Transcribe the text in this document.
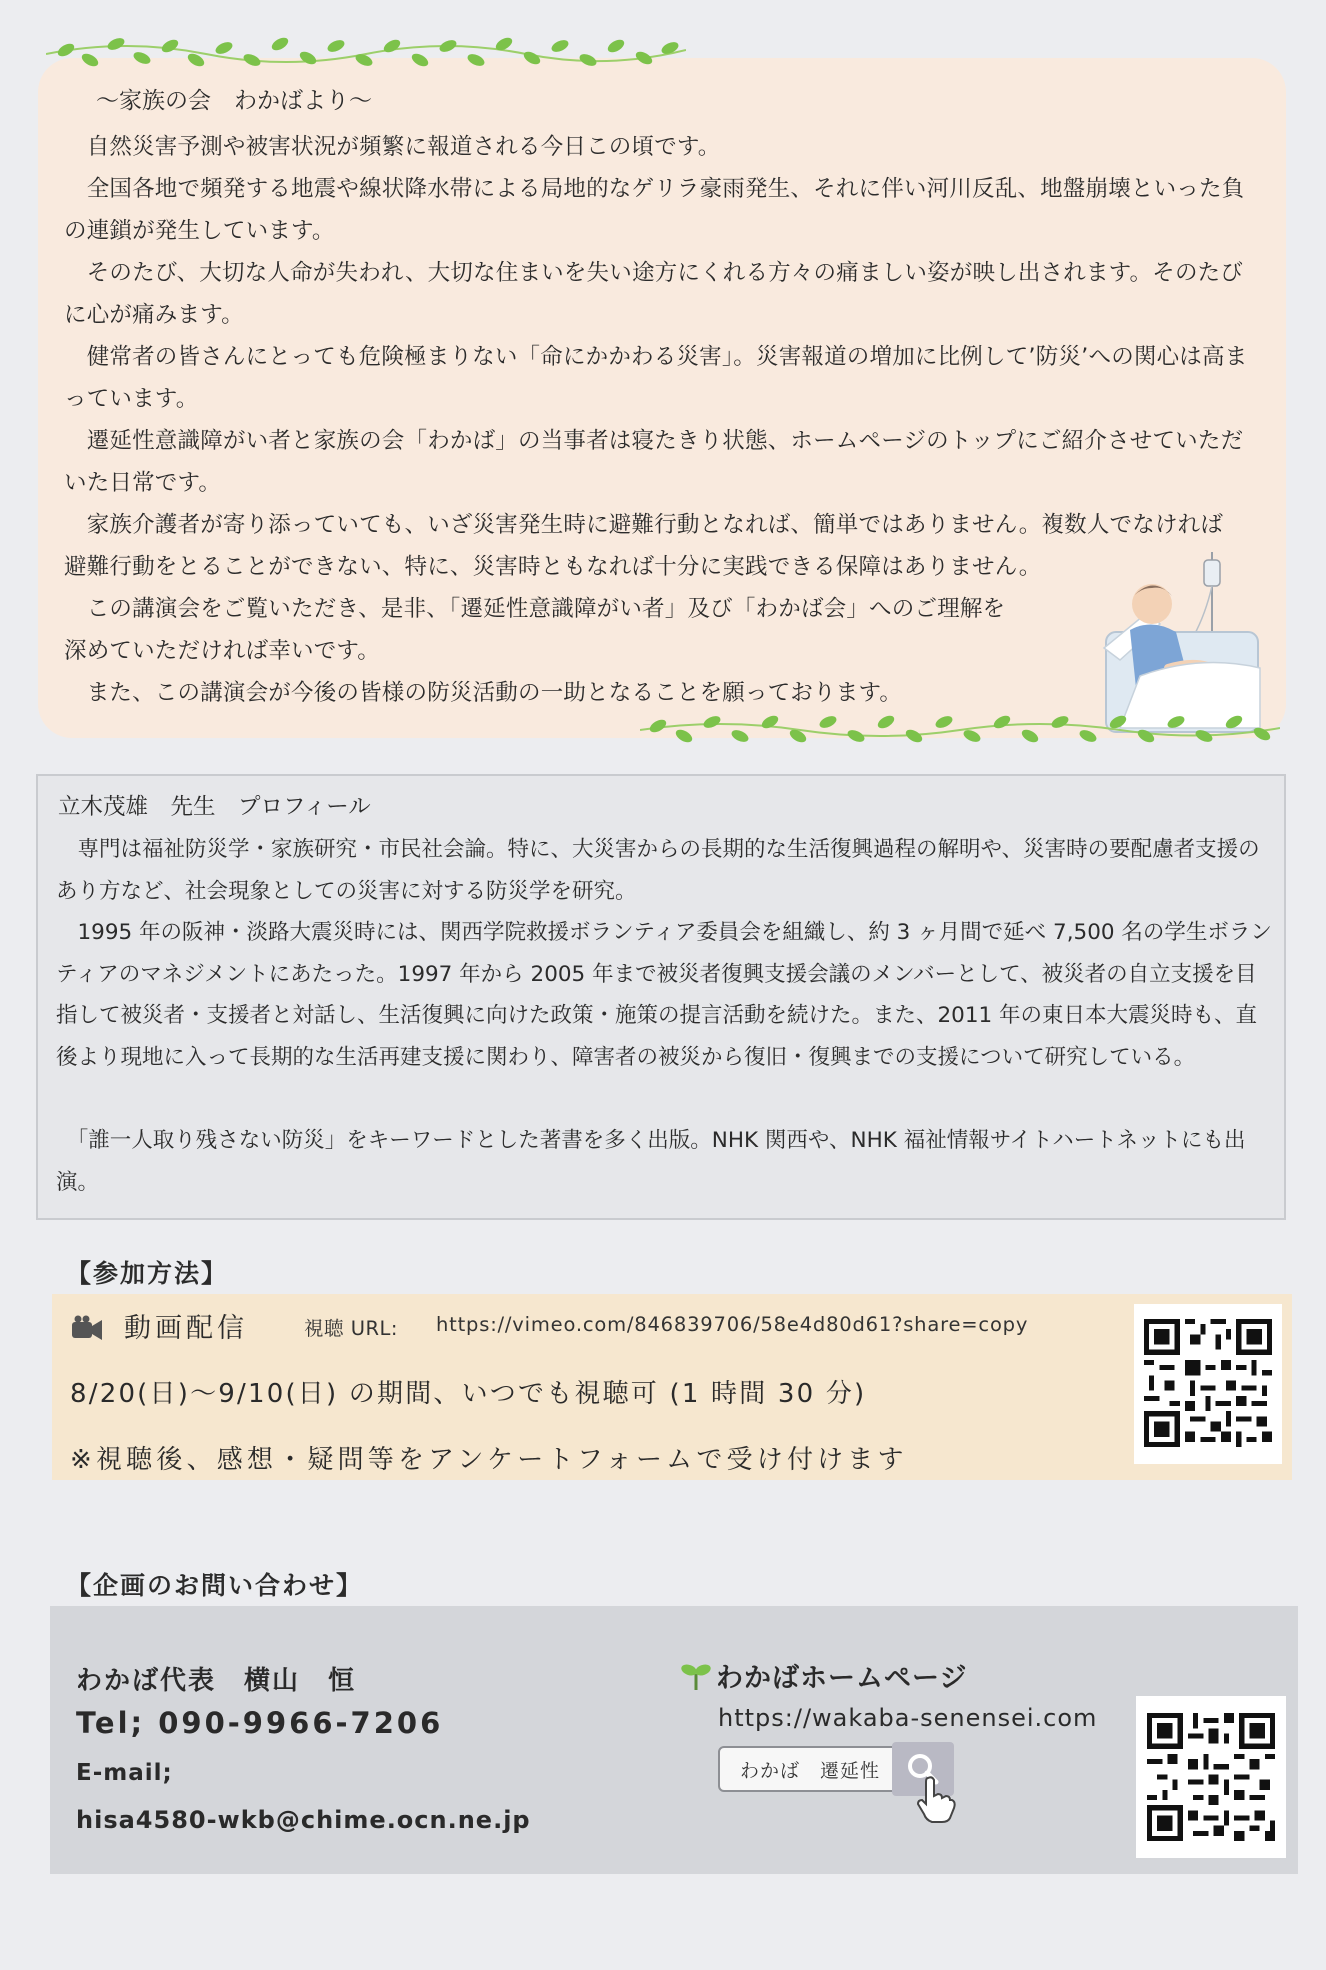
～家族の会　わかばより～

　自然災害予測や被害状況が頻繁に報道される今日この頃です。

　全国各地で頻発する地震や線状降水帯による局地的なゲリラ豪雨発生、それに伴い河川反乱、地盤崩壊といった負の連鎖が発生しています。

　そのたび、大切な人命が失われ、大切な住まいを失い途方にくれる方々の痛ましい姿が映し出されます。そのたびに心が痛みます。

　健常者の皆さんにとっても危険極まりない「命にかかわる災害」。災害報道の増加に比例して’防災’への関心は高まっています。

　遷延性意識障がい者と家族の会「わかば」の当事者は寝たきり状態、ホームページのトップにご紹介させていただいた日常です。

　家族介護者が寄り添っていても、いざ災害発生時に避難行動となれば、簡単ではありません。複数人でなければ避難行動をとることができない、特に、災害時ともなれば十分に実践できる保障はありません。

　この講演会をご覧いただき、是非、「遷延性意識障がい者」及び「わかば会」へのご理解を

深めていただければ幸いです。

　また、この講演会が今後の皆様の防災活動の一助となることを願っております。

立木茂雄　先生　プロフィール

　専門は福祉防災学・家族研究・市民社会論。特に、大災害からの長期的な生活復興過程の解明や、災害時の要配慮者支援のあり方など、社会現象としての災害に対する防災学を研究。

　1995 年の阪神・淡路大震災時には、関西学院救援ボランティア委員会を組織し、約 3 ヶ月間で延べ 7,500 名の学生ボランティアのマネジメントにあたった。1997 年から 2005 年まで被災者復興支援会議のメンバーとして、被災者の自立支援を目指して被災者・支援者と対話し、生活復興に向けた政策・施策の提言活動を続けた。また、2011 年の東日本大震災時も、直後より現地に入って長期的な生活再建支援に関わり、障害者の被災から復旧・復興までの支援について研究している。

　「誰一人取り残さない防災」をキーワードとした著書を多く出版。NHK 関西や、NHK 福祉情報サイトハートネットにも出演。

【参加方法】
動画配信	視聴 URL: https://vimeo.com/846839706/58e4d80d61?share=copy
8/20(日)～9/10(日) の期間、いつでも視聴可 (1 時間 30 分)
※視聴後、感想・疑問等をアンケートフォームで受け付けます
【企画のお問い合わせ】
わかば代表　横山　恒
Tel; 090-9966-7206
E-mail;
hisa4580-wkb@chime.ocn.ne.jp
わかばホームページ
https://wakaba-senensei.com
わかば　遷延性
